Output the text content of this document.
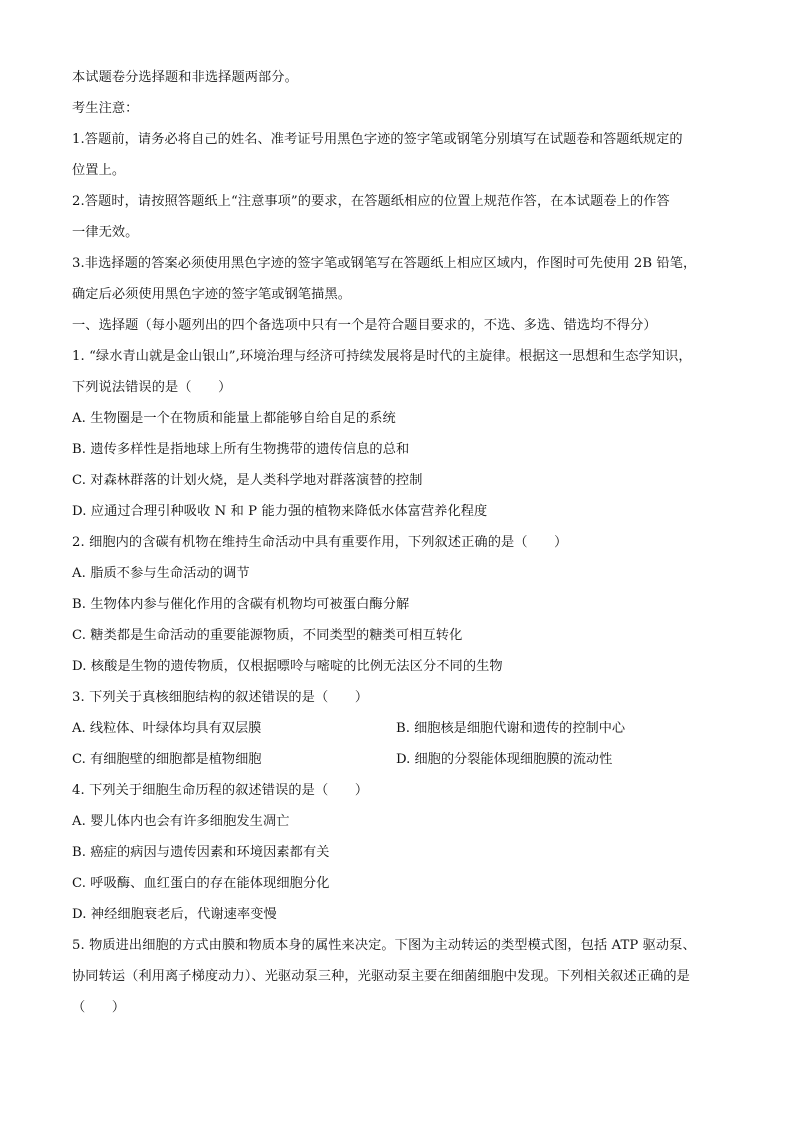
本试题卷分选择题和非选择题两部分。
考生注意：
1.答题前，请务必将自己的姓名、准考证号用黑色字迹的签字笔或钢笔分别填写在试题卷和答题纸规定的
位置上。
2.答题时，请按照答题纸上“注意事项”的要求，在答题纸相应的位置上规范作答，在本试题卷上的作答
一律无效。
3.非选择题的答案必须使用黑色字迹的签字笔或钢笔写在答题纸上相应区域内，作图时可先使用 2B 铅笔，
确定后必须使用黑色字迹的签字笔或钢笔描黑。
一、选择题（每小题列出的四个备选项中只有一个是符合题目要求的，不选、多选、错选均不得分）
1. “绿水青山就是金山银山”,环境治理与经济可持续发展将是时代的主旋律。根据这一思想和生态学知识，
下列说法错误的是（　　）
A. 生物圈是一个在物质和能量上都能够自给自足的系统
B. 遗传多样性是指地球上所有生物携带的遗传信息的总和
C. 对森林群落的计划火烧，是人类科学地对群落演替的控制
D. 应通过合理引种吸收 N 和 P 能力强的植物来降低水体富营养化程度
2. 细胞内的含碳有机物在维持生命活动中具有重要作用，下列叙述正确的是（　　）
A. 脂质不参与生命活动的调节
B. 生物体内参与催化作用的含碳有机物均可被蛋白酶分解
C. 糖类都是生命活动的重要能源物质，不同类型的糖类可相互转化
D. 核酸是生物的遗传物质，仅根据嘌呤与嘧啶的比例无法区分不同的生物
3. 下列关于真核细胞结构的叙述错误的是（　　）
A. 线粒体、叶绿体均具有双层膜	B. 细胞核是细胞代谢和遗传的控制中心
C. 有细胞壁的细胞都是植物细胞	D. 细胞的分裂能体现细胞膜的流动性
4. 下列关于细胞生命历程的叙述错误的是（　　）
A. 婴儿体内也会有许多细胞发生凋亡
B. 癌症的病因与遗传因素和环境因素都有关
C. 呼吸酶、血红蛋白的存在能体现细胞分化
D. 神经细胞衰老后，代谢速率变慢
5. 物质进出细胞的方式由膜和物质本身的属性来决定。下图为主动转运的类型模式图，包括 ATP 驱动泵、
协同转运（利用离子梯度动力）、光驱动泵三种，光驱动泵主要在细菌细胞中发现。下列相关叙述正确的是
（　　）
